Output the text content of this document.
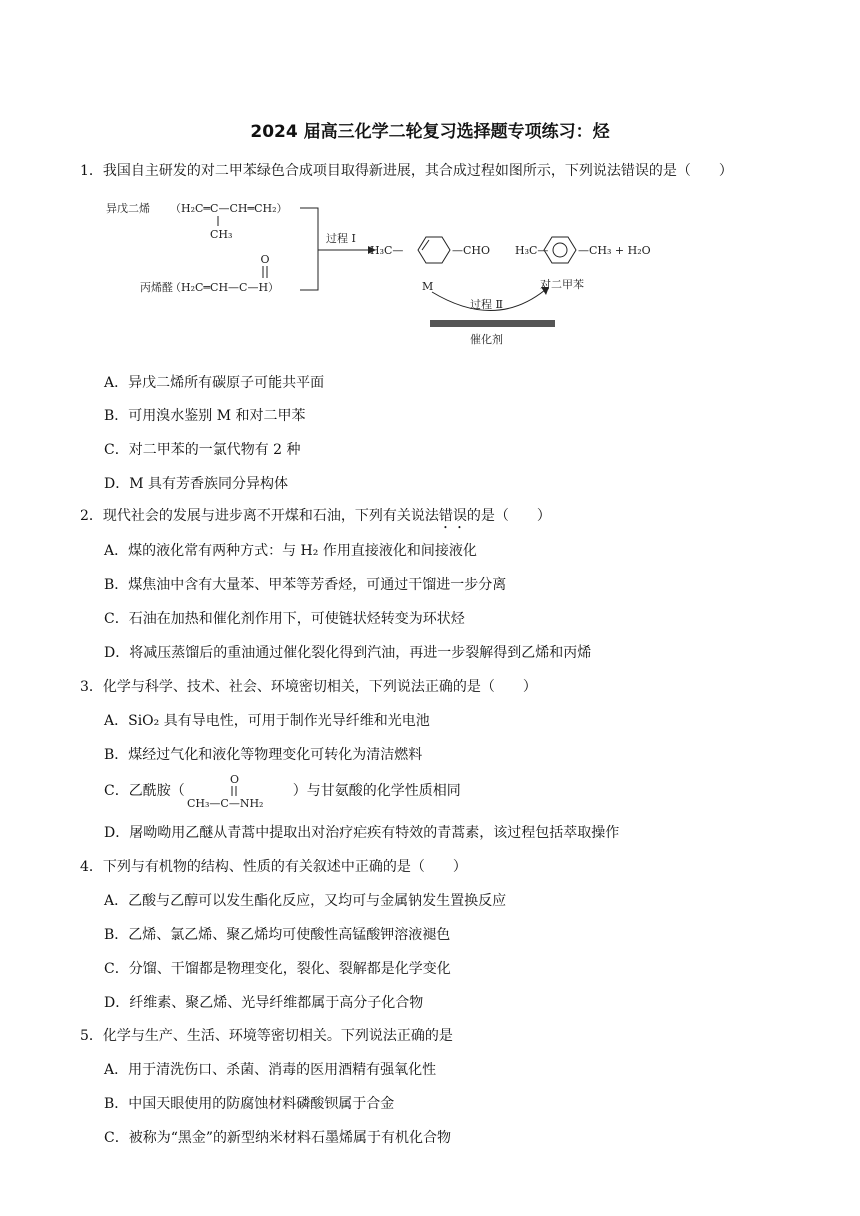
2024 届高三化学二轮复习选择题专项练习：烃
1．我国自主研发的对二甲苯绿色合成项目取得新进展，其合成过程如图所示，下列说法错误的是（　　）
异戊二烯 （H₂C═C—CH═CH₂）
CH₃
O
丙烯醛
（H₂C═CH—C—H）
过程 Ⅰ
H₃C—	—CHO H₃C—	—CH₃ + H₂O
M
过程 Ⅱ
对二甲苯
催化剂
A．异戊二烯所有碳原子可能共平面
B．可用溴水鉴别 M 和对二甲苯
C．对二甲苯的一氯代物有 2 种
D．M 具有芳香族同分异构体
2．现代社会的发展与进步离不开煤和石油，下列有关说法错误的是（　　）
A．煤的液化常有两种方式：与 H₂ 作用直接液化和间接液化
B．煤焦油中含有大量苯、甲苯等芳香烃，可通过干馏进一步分离
C．石油在加热和催化剂作用下，可使链状烃转变为环状烃
D．将减压蒸馏后的重油通过催化裂化得到汽油，再进一步裂解得到乙烯和丙烯
3．化学与科学、技术、社会、环境密切相关，下列说法正确的是（　　）
A．SiO₂ 具有导电性，可用于制作光导纤维和光电池
B．煤经过气化和液化等物理变化可转化为清洁燃料
C．乙酰胺（
O
CH₃—C—NH₂
）与甘氨酸的化学性质相同
D．屠呦呦用乙醚从青蒿中提取出对治疗疟疾有特效的青蒿素，该过程包括萃取操作
4．下列与有机物的结构、性质的有关叙述中正确的是（　　）
A．乙酸与乙醇可以发生酯化反应，又均可与金属钠发生置换反应
B．乙烯、氯乙烯、聚乙烯均可使酸性高锰酸钾溶液褪色
C．分馏、干馏都是物理变化，裂化、裂解都是化学变化
D．纤维素、聚乙烯、光导纤维都属于高分子化合物
5．化学与生产、生活、环境等密切相关。下列说法正确的是
A．用于清洗伤口、杀菌、消毒的医用酒精有强氧化性
B．中国天眼使用的防腐蚀材料磷酸钡属于合金
C．被称为“黑金”的新型纳米材料石墨烯属于有机化合物
